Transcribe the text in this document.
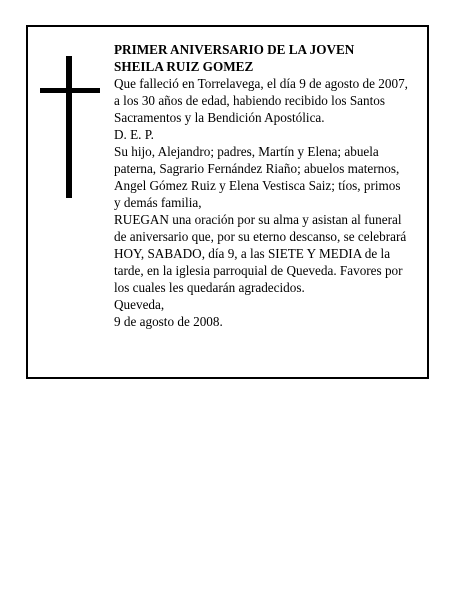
PRIMER ANIVERSARIO DE LA JOVEN
SHEILA RUIZ GOMEZ
Que falleció en Torrelavega, el día 9 de agosto de 2007,
a los 30 años de edad, habiendo recibido los Santos
Sacramentos y la Bendición Apostólica.
D. E. P.
Su hijo, Alejandro; padres, Martín y Elena; abuela
paterna, Sagrario Fernández Riaño; abuelos maternos,
Angel Gómez Ruiz y Elena Vestisca Saiz; tíos, primos
y demás familia,
RUEGAN una oración por su alma y asistan al funeral
de aniversario que, por su eterno descanso, se celebrará
HOY, SABADO, día 9, a las SIETE Y MEDIA de la
tarde, en la iglesia parroquial de Queveda. Favores por
los cuales les quedarán agradecidos.
Queveda,
9 de agosto de 2008.
